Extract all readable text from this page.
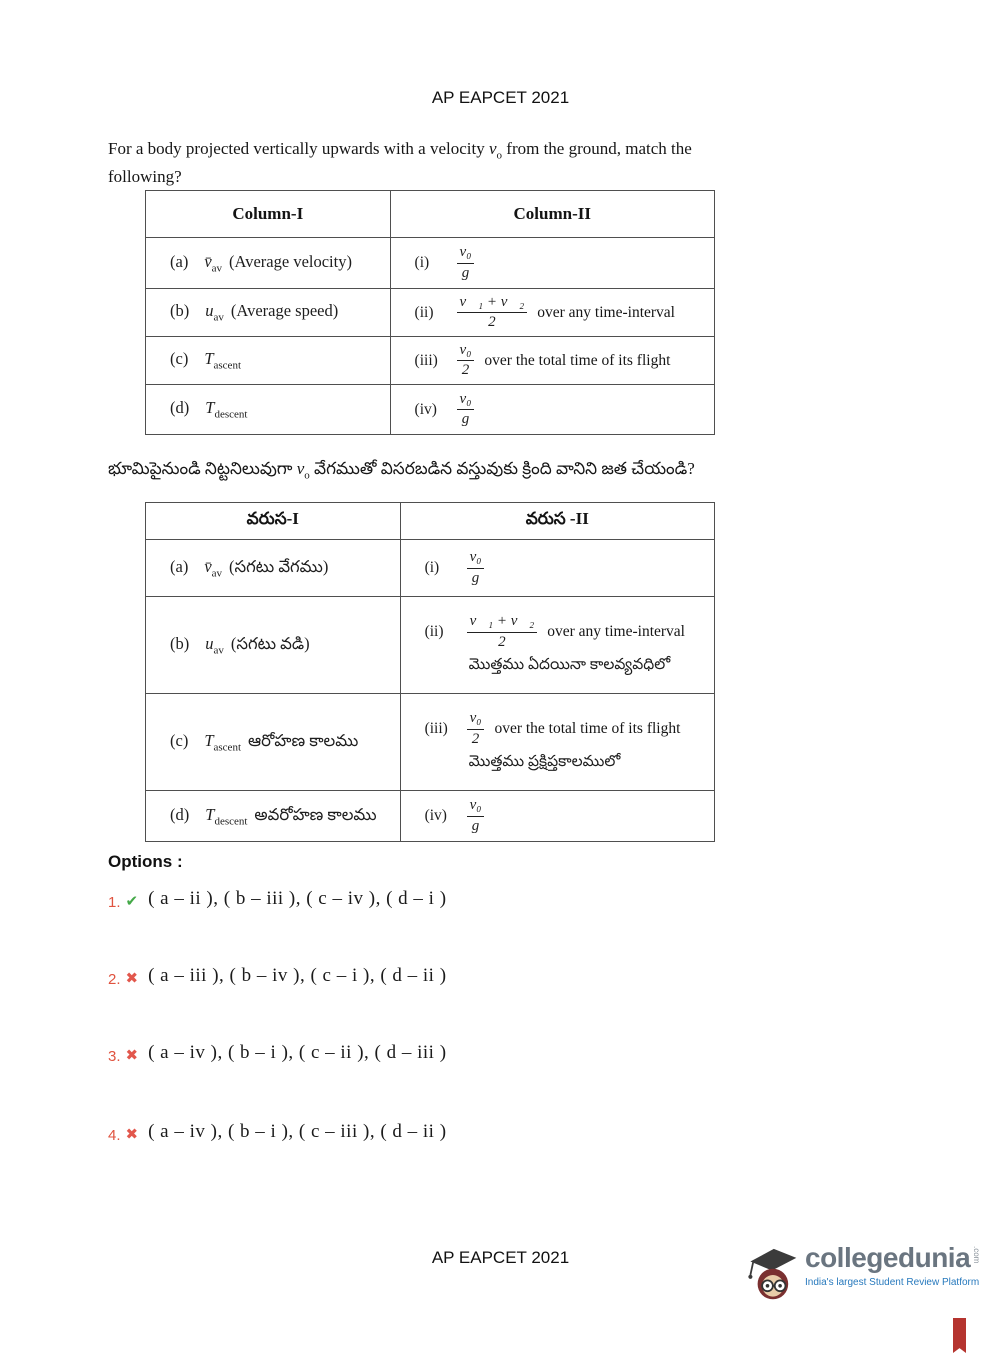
AP EAPCET 2021
For a body projected vertically upwards with a velocity $v_o$ from the ground, match the following?
Column-I	Column-II
(a) $v̄_{av}$ (Average velocity)	$(i) \frac{\text{v₀}}{g}$

(b) $u_{av}$ (Average speed)	$(ii) \frac{\text{v⃗₁ + v⃗₂}}{2}$ over any time-interval

(c) $T_{ascent}$	$(iii) \frac{\text{v₀}}{2}$ over the total time of its flight

(d) $T_{descent}$	$(iv) \frac{\text{v₀}}{g}$
భూమిపైనుండి నిట్టనిలువుగా $v_o$ వేగముతో విసరబడిన వస్తువుకు క్రింది వానిని జత చేయండి?
వరుస-I	వరుస -II
(a) $v̄_{av}$ (సగటు వేగము)	$(i) \frac{\text{v₀}}{g}$

(b) $u_{av}$ (సగటు వడి)	$(ii) \frac{\text{v⃗₁ + v⃗₂}}{2}$ over any time-interval
మొత్తము ఏదయినా కాలవ్యవధిలో

(c) $T_{ascent}$ ఆరోహణ కాలము	$(iii) \frac{\text{v₀}}{2}$ over the total time of its flight
మొత్తము ప్రక్షిప్తకాలములో

(d) $T_{descent}$ అవరోహణ కాలము	$(iv) \frac{\text{v₀}}{g}$
Options :
1. ✔ ( a – ii ), ( b – iii ), ( c – iv ), ( d – i )
2. ✖ ( a – iii ), ( b – iv ), ( c – i ), ( d – ii )
3. ✖ ( a – iv ), ( b – i ), ( c – ii ), ( d – iii )
4. ✖ ( a – iv ), ( b – i ), ( c – iii ), ( d – ii )
AP EAPCET 2021	collegedunia .com
India's largest Student Review Platform
